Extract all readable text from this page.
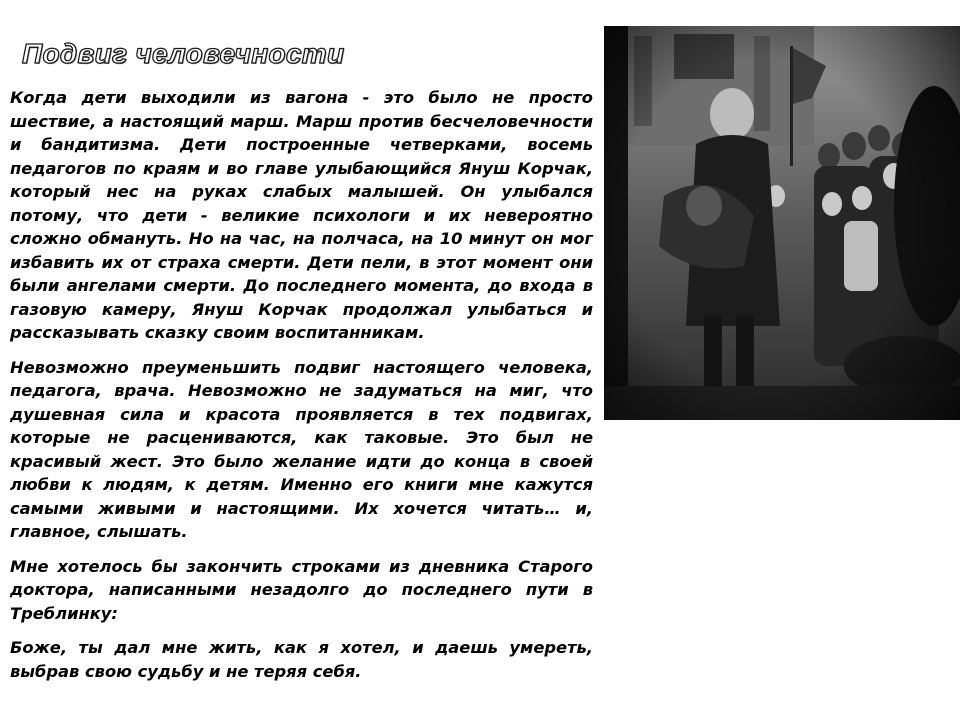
Подвиг человечности

Когда дети выходили из вагона - это было не просто шествие, а настоящий марш. Марш против бесчеловечности и бандитизма. Дети построенные четверками, восемь педагогов по краям и во главе улыбающийся Януш Корчак, который нес на руках слабых малышей. Он улыбался потому, что дети - великие психологи и их невероятно сложно обмануть. Но на час, на полчаса, на 10 минут он мог избавить их от страха смерти. Дети пели, в этот момент они были ангелами смерти. До последнего момента, до входа в газовую камеру, Януш Корчак продолжал улыбаться и рассказывать сказку своим воспитанникам.

Невозможно преуменьшить подвиг настоящего человека, педагога, врача. Невозможно не задуматься на миг, что душевная сила и красота проявляется в тех подвигах, которые не расцениваются, как таковые. Это был не красивый жест. Это было желание идти до конца в своей любви к людям, к детям. Именно его книги мне кажутся самыми живыми и настоящими. Их хочется читать… и, главное, слышать.

Мне хотелось бы закончить строками из дневника Старого доктора, написанными незадолго до последнего пути в Треблинку:

Боже, ты дал мне жить, как я хотел, и даешь умереть, выбрав свою судьбу и не теряя себя.
